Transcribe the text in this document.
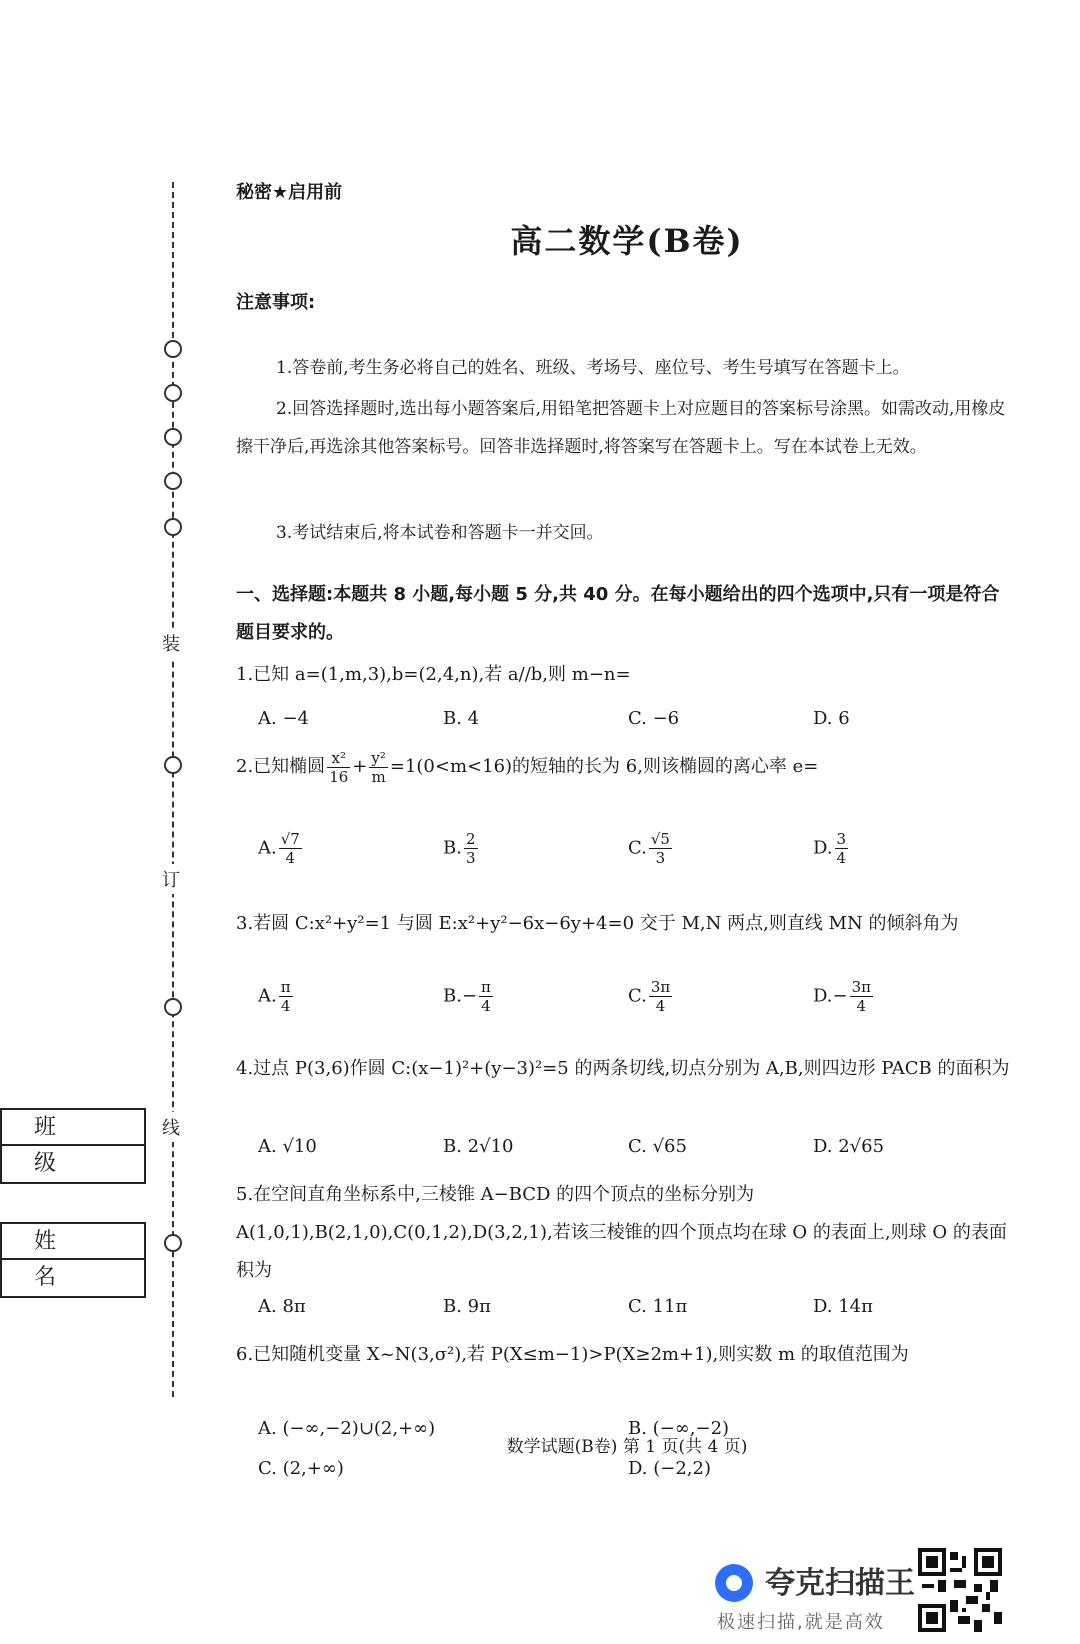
装
订
线
班级
姓名
秘密★启用前
高二数学(B卷)
注意事项:
1.答卷前,考生务必将自己的姓名、班级、考场号、座位号、考生号填写在答题卡上。
2.回答选择题时,选出每小题答案后,用铅笔把答题卡上对应题目的答案标号涂黑。如需改动,用橡皮擦干净后,再选涂其他答案标号。回答非选择题时,将答案写在答题卡上。写在本试卷上无效。
3.考试结束后,将本试卷和答题卡一并交回。
一、选择题:本题共 8 小题,每小题 5 分,共 40 分。在每小题给出的四个选项中,只有一项是符合题目要求的。
1.已知 a=(1,m,3),b=(2,4,n),若 a//b,则 m−n=
A. −4	B. 4	C. −6	D. 6
2.已知椭圆 $\frac{\text{x²}}{16} + \frac{\text{y²}}{m} =1(0<m<16)$的短轴的长为 6,则该椭圆的离心率 e=
A. $\frac{√7}{4}$	B. $\frac{2}{3}$	C. $\frac{√5}{3}$	D. $\frac{3}{4}$
3.若圆 C:x²+y²=1 与圆 E:x²+y²−6x−6y+4=0 交于 M,N 两点,则直线 MN 的倾斜角为
A. $\frac{\pi}{4}$	$B.- \frac{\pi}{4}$	C. $\frac{3\pi}{4}$	$D.- \frac{3\pi}{4}$
4.过点 P(3,6)作圆 C:(x−1)²+(y−3)²=5 的两条切线,切点分别为 A,B,则四边形 PACB 的面积为
A. √10	B. 2√10	C. √65	D. 2√65
5.在空间直角坐标系中,三棱锥 A−BCD 的四个顶点的坐标分别为 A(1,0,1),B(2,1,0),C(0,1,2),D(3,2,1),若该三棱锥的四个顶点均在球 O 的表面上,则球 O 的表面积为
A. 8π	B. 9π	C. 11π	D. 14π
6.已知随机变量 X~N(3,σ²),若 P(X≤m−1)>P(X≥2m+1),则实数 m 的取值范围为
A. (−∞,−2)∪(2,+∞)	B. (−∞,−2)
C. (2,+∞)	D. (−2,2)
数学试题(B卷) 第 1 页(共 4 页)
夸克扫描王
极速扫描,就是高效
